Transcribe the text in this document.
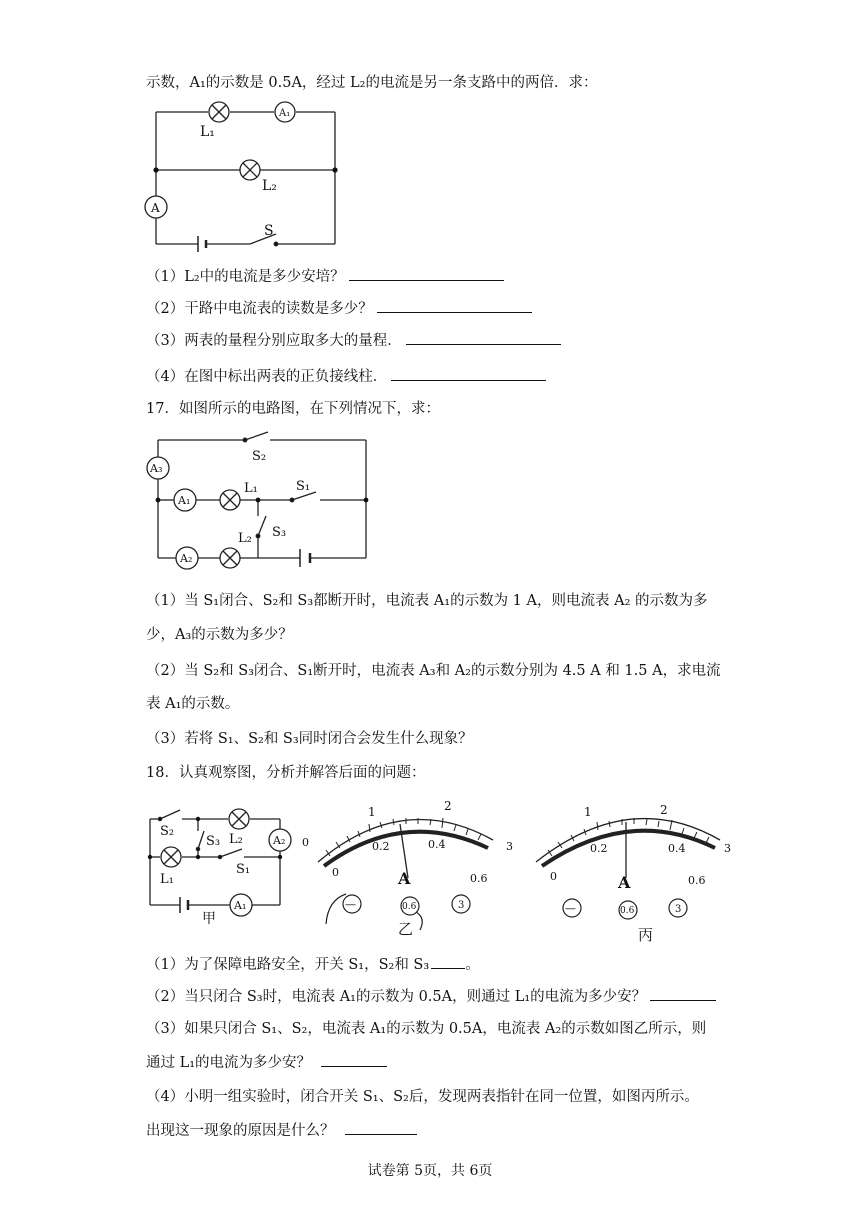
示数，A₁的示数是 0.5A，经过 L₂的电流是另一条支路中的两倍．求：
L₁
A₁
L₂
A
S
（1）L₂中的电流是多少安培？
（2）干路中电流表的读数是多少？
（3）两表的量程分别应取多大的量程．
（4）在图中标出两表的正负接线柱．
17．如图所示的电路图，在下列情况下，求：
S₂
A₃
A₁
L₁	S₁
S₃
L₂
A₂
（1）当 S₁闭合、S₂和 S₃都断开时，电流表 A₁的示数为 1 A，则电流表 A₂ 的示数为多
少，A₃的示数为多少？
（2）当 S₂和 S₃闭合、S₁断开时，电流表 A₃和 A₂的示数分别为 4.5 A 和 1.5 A，求电流
表 A₁的示数。
（3）若将 S₁、S₂和 S₃同时闭合会发生什么现象？
18．认真观察图，分析并解答后面的问题：
S₂
S₃ L₂	A₂
S₁
L₁
A₁
甲
1	2
0.2	0.4
0	3
0	0.6
A
—	0.6	3
乙
1	2
0.2	0.4	3
0	0.6
A
—	0.6	3
丙
（1）为了保障电路安全，开关 S₁，S₂和 S₃ 。
（2）当只闭合 S₃时，电流表 A₁的示数为 0.5A，则通过 L₁的电流为多少安？
（3）如果只闭合 S₁、S₂，电流表 A₁的示数为 0.5A，电流表 A₂的示数如图乙所示，则
通过 L₁的电流为多少安？
（4）小明一组实验时，闭合开关 S₁、S₂后，发现两表指针在同一位置，如图丙所示。
出现这一现象的原因是什么？
试卷第 5页，共 6页
